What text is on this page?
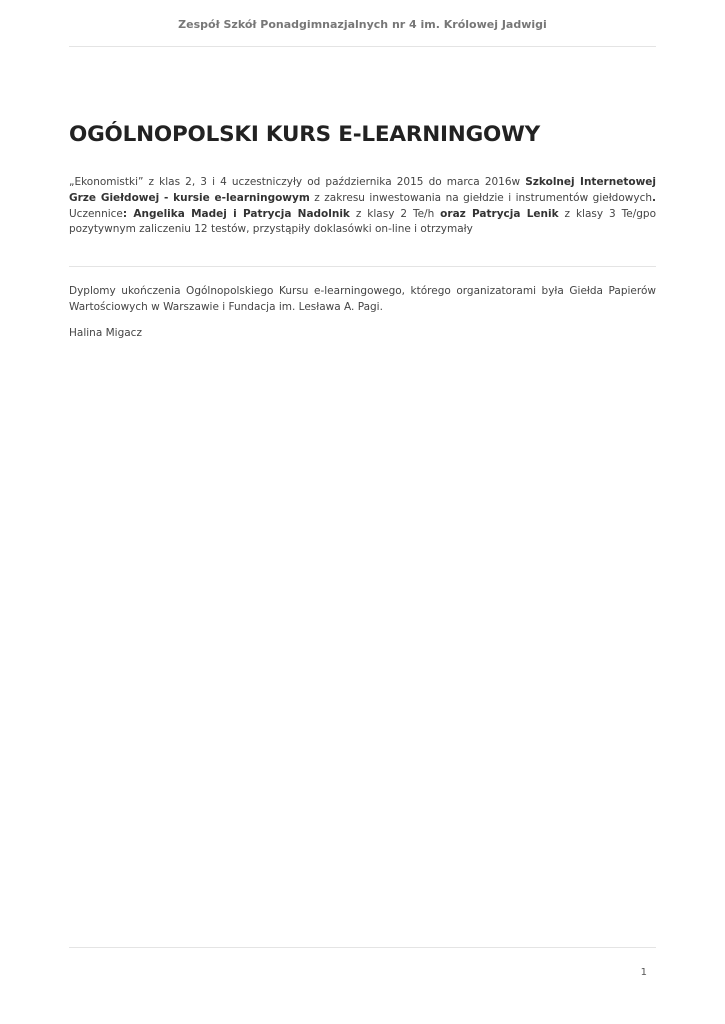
Zespół Szkół Ponadgimnazjalnych nr 4 im. Królowej Jadwigi
OGÓLNOPOLSKI KURS E-LEARNINGOWY

„Ekonomistki” z klas 2, 3 i 4 uczestniczyły od października 2015 do marca 2016w Szkolnej Internetowej Grze Giełdowej - kursie e-learningowym z zakresu inwestowania na giełdzie i instrumentów giełdowych. Uczennice: Angelika Madej i Patrycja Nadolnik z klasy 2 Te/h oraz Patrycja Lenik z klasy 3 Te/gpo pozytywnym zaliczeniu 12 testów, przystąpiły doklasówki on-line i otrzymały

Dyplomy ukończenia Ogólnopolskiego Kursu e-learningowego, którego organizatorami była Giełda Papierów Wartościowych w Warszawie i Fundacja im. Lesława A. Pagi.

Halina Migacz

1
